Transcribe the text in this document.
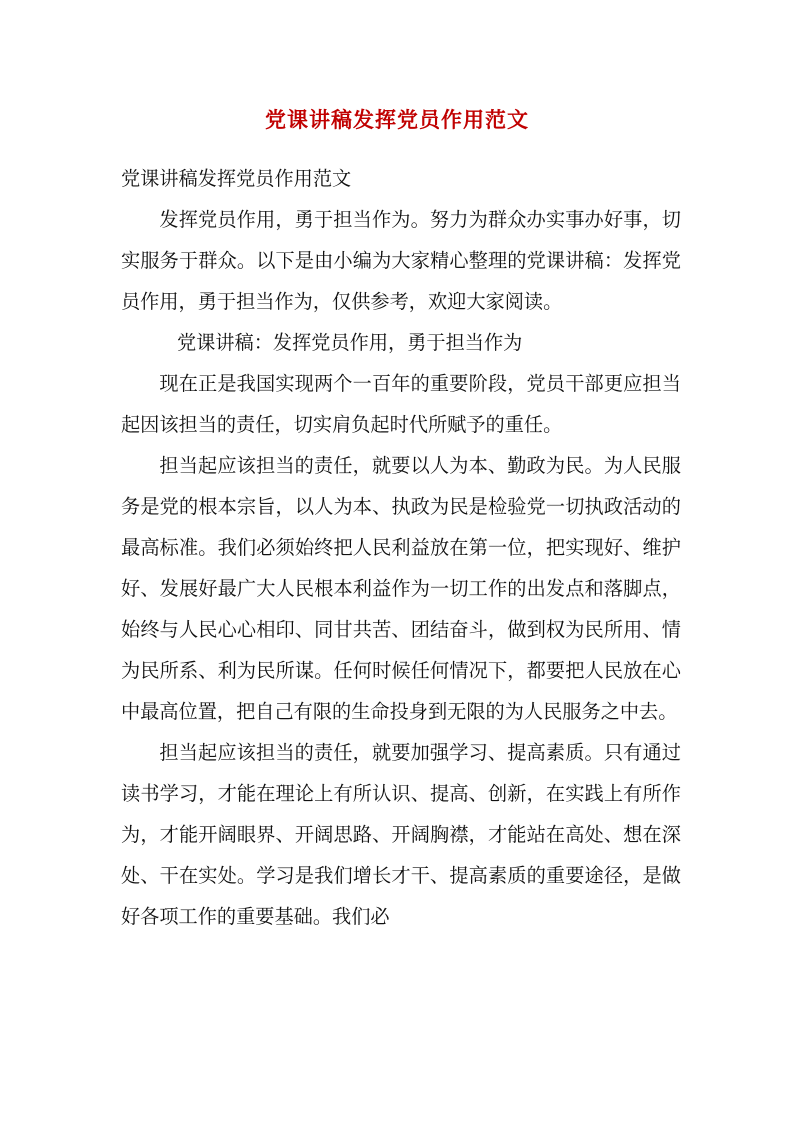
党课讲稿发挥党员作用范文

党课讲稿发挥党员作用范文

发挥党员作用，勇于担当作为。努力为群众办实事办好事，切实服务于群众。以下是由小编为大家精心整理的党课讲稿：发挥党员作用，勇于担当作为，仅供参考，欢迎大家阅读。

党课讲稿：发挥党员作用，勇于担当作为

现在正是我国实现两个一百年的重要阶段，党员干部更应担当起因该担当的责任，切实肩负起时代所赋予的重任。

担当起应该担当的责任，就要以人为本、勤政为民。为人民服务是党的根本宗旨，以人为本、执政为民是检验党一切执政活动的最高标准。我们必须始终把人民利益放在第一位，把实现好、维护好、发展好最广大人民根本利益作为一切工作的出发点和落脚点，始终与人民心心相印、同甘共苦、团结奋斗，做到权为民所用、情为民所系、利为民所谋。任何时候任何情况下，都要把人民放在心中最高位置，把自己有限的生命投身到无限的为人民服务之中去。

担当起应该担当的责任，就要加强学习、提高素质。只有通过读书学习，才能在理论上有所认识、提高、创新，在实践上有所作为，才能开阔眼界、开阔思路、开阔胸襟，才能站在高处、想在深处、干在实处。学习是我们增长才干、提高素质的重要途径，是做好各项工作的重要基础。我们必
